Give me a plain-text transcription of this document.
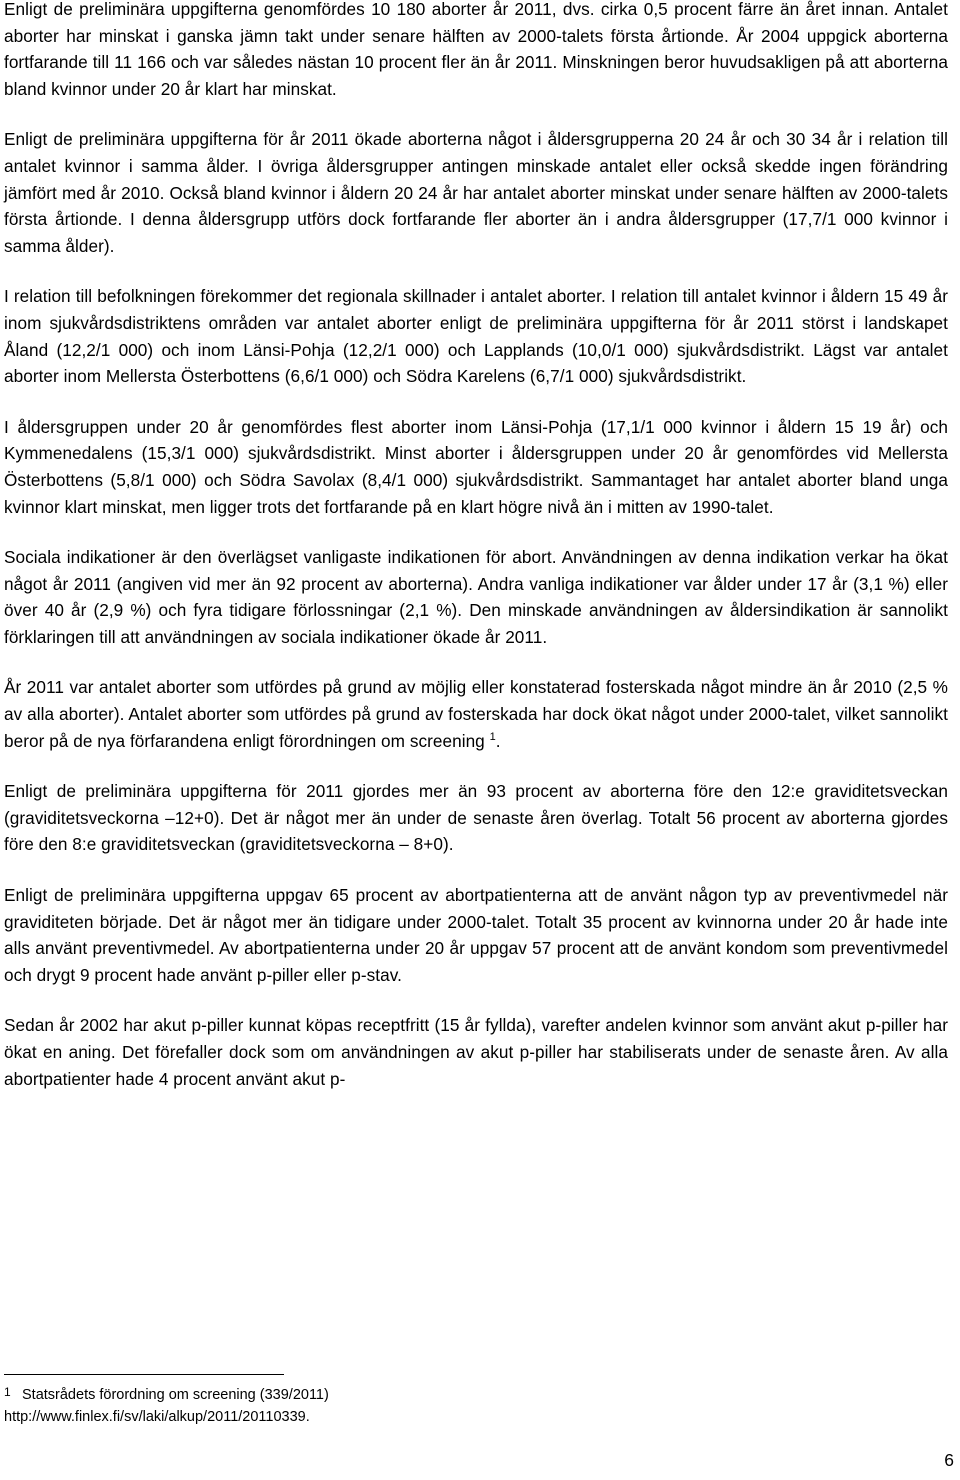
Enligt de preliminära uppgifterna genomfördes 10 180 aborter år 2011, dvs. cirka 0,5 procent färre än året innan. Antalet aborter har minskat i ganska jämn takt under senare hälften av 2000-talets första årtionde. År 2004 uppgick aborterna fortfarande till 11 166 och var således nästan 10 procent fler än år 2011. Minskningen beror huvudsakligen på att aborterna bland kvinnor under 20 år klart har minskat.

Enligt de preliminära uppgifterna för år 2011 ökade aborterna något i åldersgrupperna 20 24 år och 30 34 år i relation till antalet kvinnor i samma ålder. I övriga åldersgrupper antingen minskade antalet eller också skedde ingen förändring jämfört med år 2010. Också bland kvinnor i åldern 20 24 år har antalet aborter minskat under senare hälften av 2000-talets första årtionde. I denna åldersgrupp utförs dock fortfarande fler aborter än i andra åldersgrupper (17,7/1 000 kvinnor i samma ålder).

I relation till befolkningen förekommer det regionala skillnader i antalet aborter. I relation till antalet kvinnor i åldern 15 49 år inom sjukvårdsdistriktens områden var antalet aborter enligt de preliminära uppgifterna för år 2011 störst i landskapet Åland (12,2/1 000) och inom Länsi-Pohja (12,2/1 000) och Lapplands (10,0/1 000) sjukvårdsdistrikt. Lägst var antalet aborter inom Mellersta Österbottens (6,6/1 000) och Södra Karelens (6,7/1 000) sjukvårdsdistrikt.

I åldersgruppen under 20 år genomfördes flest aborter inom Länsi-Pohja (17,1/1 000 kvinnor i åldern 15 19 år) och Kymmenedalens (15,3/1 000) sjukvårdsdistrikt. Minst aborter i åldersgruppen under 20 år genomfördes vid Mellersta Österbottens (5,8/1 000) och Södra Savolax (8,4/1 000) sjukvårdsdistrikt. Sammantaget har antalet aborter bland unga kvinnor klart minskat, men ligger trots det fortfarande på en klart högre nivå än i mitten av 1990-talet.

Sociala indikationer är den överlägset vanligaste indikationen för abort. Användningen av denna indikation verkar ha ökat något år 2011 (angiven vid mer än 92 procent av aborterna). Andra vanliga indikationer var ålder under 17 år (3,1 %) eller över 40 år (2,9 %) och fyra tidigare förlossningar (2,1 %). Den minskade användningen av åldersindikation är sannolikt förklaringen till att användningen av sociala indikationer ökade år 2011.

År 2011 var antalet aborter som utfördes på grund av möjlig eller konstaterad fosterskada något mindre än år 2010 (2,5 % av alla aborter). Antalet aborter som utfördes på grund av fosterskada har dock ökat något under 2000-talet, vilket sannolikt beror på de nya förfarandena enligt förordningen om screening $^1$.

Enligt de preliminära uppgifterna för 2011 gjordes mer än 93 procent av aborterna före den 12:e graviditetsveckan (graviditetsveckorna –12+0). Det är något mer än under de senaste åren överlag. Totalt 56 procent av aborterna gjordes före den 8:e graviditetsveckan (graviditetsveckorna – 8+0).

Enligt de preliminära uppgifterna uppgav 65 procent av abortpatienterna att de använt någon typ av preventivmedel när graviditeten började. Det är något mer än tidigare under 2000-talet. Totalt 35 procent av kvinnorna under 20 år hade inte alls använt preventivmedel. Av abortpatienterna under 20 år uppgav 57 procent att de använt kondom som preventivmedel och drygt 9 procent hade använt p-piller eller p-stav.

Sedan år 2002 har akut p-piller kunnat köpas receptfritt (15 år fyllda), varefter andelen kvinnor som använt akut p-piller har ökat en aning. Det förefaller dock som om användningen av akut p-piller har stabiliserats under de senaste åren. Av alla abortpatienter hade 4 procent använt akut p-

1 Statsrådets förordning om screening (339/2011)
http://www.finlex.fi/sv/laki/alkup/2011/20110339.
6
